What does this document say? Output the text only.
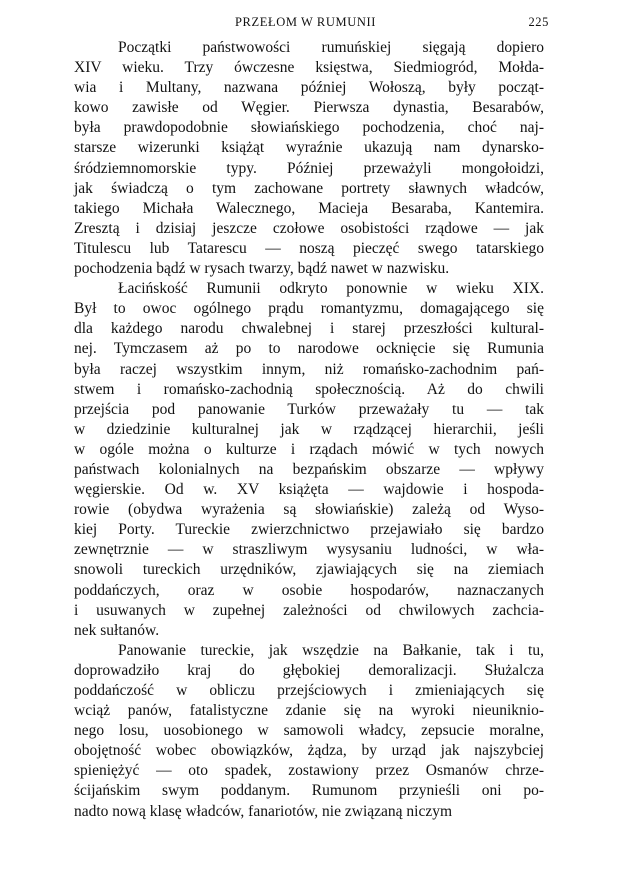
PRZEŁOM W RUMUNII	225

Początki państwowości rumuńskiej sięgają dopiero
XIV wieku. Trzy ówczesne księstwa, Siedmiogród, Mołda-
wia i Multany, nazwana później Wołoszą, były począt-
kowo zawisłe od Węgier. Pierwsza dynastia, Besarabów,
była prawdopodobnie słowiańskiego pochodzenia, choć naj-
starsze wizerunki książąt wyraźnie ukazują nam dynarsko-
śródziemnomorskie typy. Później przeważyli mongołoidzi,
jak świadczą o tym zachowane portrety sławnych władców,
takiego Michała Walecznego, Macieja Besaraba, Kantemira.
Zresztą i dzisiaj jeszcze czołowe osobistości rządowe — jak
Titulescu lub Tatarescu — noszą pieczęć swego tatarskiego
pochodzenia bądź w rysach twarzy, bądź nawet w nazwisku.

Łacińskość Rumunii odkryto ponownie w wieku XIX.
Był to owoc ogólnego prądu romantyzmu, domagającego się
dla każdego narodu chwalebnej i starej przeszłości kultural-
nej. Tymczasem aż po to narodowe ocknięcie się Rumunia
była raczej wszystkim innym, niż romańsko-zachodnim pań-
stwem i romańsko-zachodnią społecznością. Aż do chwili
przejścia pod panowanie Turków przeważały tu — tak
w dziedzinie kulturalnej jak w rządzącej hierarchii, jeśli
w ogóle można o kulturze i rządach mówić w tych nowych
państwach kolonialnych na bezpańskim obszarze — wpływy
węgierskie. Od w. XV książęta — wajdowie i hospoda-
rowie (obydwa wyrażenia są słowiańskie) zależą od Wyso-
kiej Porty. Tureckie zwierzchnictwo przejawiało się bardzo
zewnętrznie — w straszliwym wysysaniu ludności, w wła-
snowoli tureckich urzędników, zjawiających się na ziemiach
poddańczych, oraz w osobie hospodarów, naznaczanych
i usuwanych w zupełnej zależności od chwilowych zachcia-
nek sułtanów.

Panowanie tureckie, jak wszędzie na Bałkanie, tak i tu,
doprowadziło kraj do głębokiej demoralizacji. Służalcza
poddańczość w obliczu przejściowych i zmieniających się
wciąż panów, fatalistyczne zdanie się na wyroki nieuniknio-
nego losu, uosobionego w samowoli władcy, zepsucie moralne,
obojętność wobec obowiązków, żądza, by urząd jak najszybciej
spieniężyć — oto spadek, zostawiony przez Osmanów chrze-
ścijańskim swym poddanym. Rumunom przynieśli oni po-
nadto nową klasę władców, fanariotów, nie związaną niczym
